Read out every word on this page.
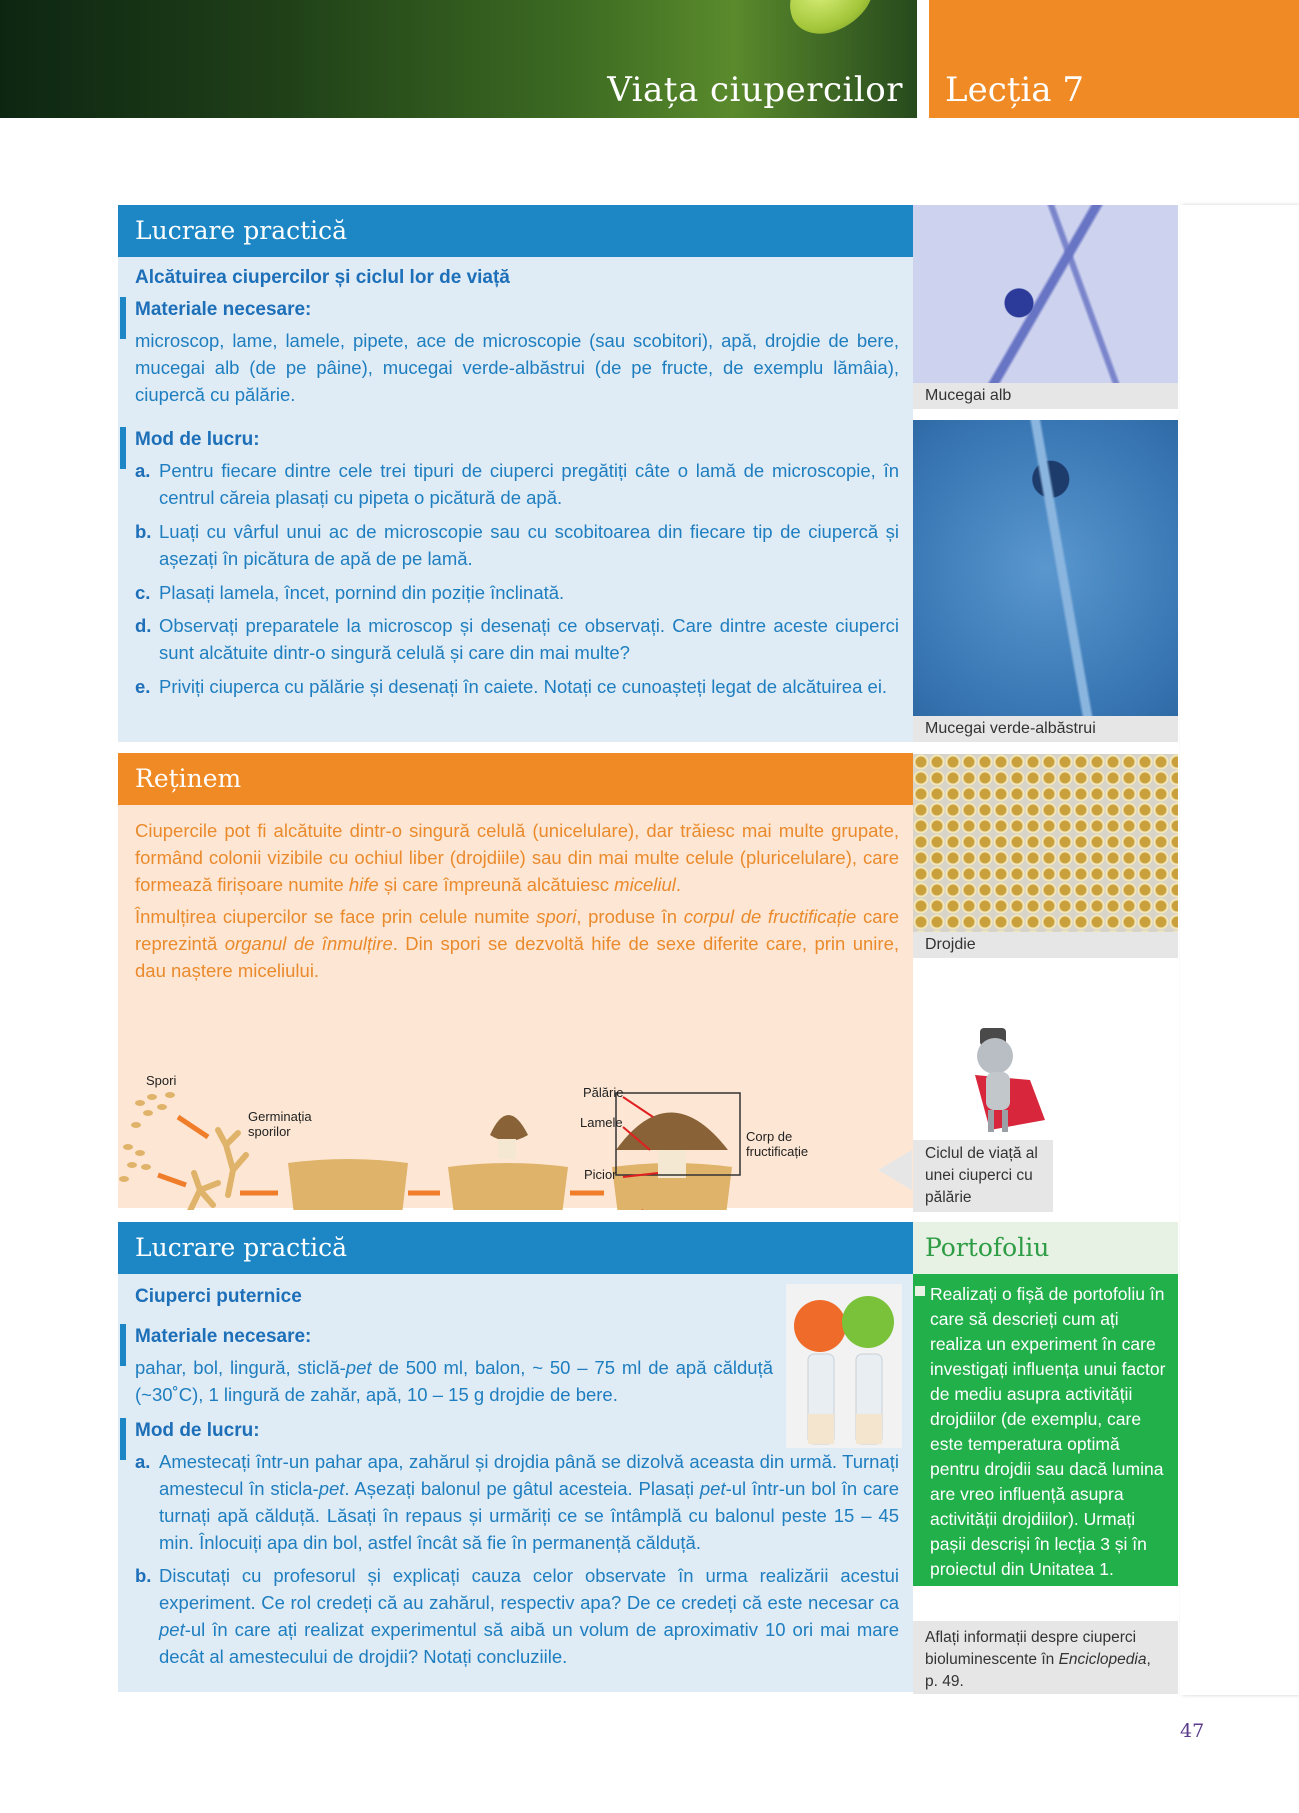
Viața ciupercilor Lecția 7
Lucrare practică
Alcătuirea ciupercilor și ciclul lor de viață
Materiale necesare:
microscop, lame, lamele, pipete, ace de microscopie (sau scobitori), apă, drojdie de bere, mucegai alb (de pe pâine), mucegai verde-albăstrui (de pe fructe, de exemplu lămâia), ciupercă cu pălărie.
Mod de lucru:
a. Pentru fiecare dintre cele trei tipuri de ciuperci pregătiți câte o lamă de microscopie, în centrul căreia plasați cu pipeta o picătură de apă.
b. Luați cu vârful unui ac de microscopie sau cu scobitoarea din fiecare tip de ciupercă și așezați în picătura de apă de pe lamă.
c. Plasați lamela, încet, pornind din poziție înclinată.
d. Observați preparatele la microscop și desenați ce observați. Care dintre aceste ciuperci sunt alcătuite dintr-o singură celulă și care din mai multe?
e. Priviți ciuperca cu pălărie și desenați în caiete. Notați ce cunoașteți legat de alcătuirea ei.
Mucegai alb
Mucegai verde-albăstrui
Drojdie
Reținem
Ciupercile pot fi alcătuite dintr-o singură celulă (unicelulare), dar trăiesc mai multe grupate, formând colonii vizibile cu ochiul liber (drojdiile) sau din mai multe celule (pluricelulare), care formează firișoare numite hife și care împreună alcătuiesc miceliul.
Înmulțirea ciupercilor se face prin celule numite spori, produse în corpul de fructificație care reprezintă organul de înmulțire. Din spori se dezvoltă hife de sexe diferite care, prin unire, dau naștere miceliului.
Spori
Germinația
sporilor
Pălărie
Lamele
Picior
Corp de
fructificație	Ciclul de viață al unei ciuperci cu pălărie
Lucrare practică
Ciuperci puternice
Materiale necesare:
pahar, bol, lingură, sticlă-pet de 500 ml, balon, ~ 50 – 75 ml de apă călduță (~30˚C), 1 lingură de zahăr, apă, 10 – 15 g drojdie de bere.
Mod de lucru:
a. Amestecați într-un pahar apa, zahărul și drojdia până se dizolvă aceasta din urmă. Turnați amestecul în sticla-pet. Așezați balonul pe gâtul acesteia. Plasați pet-ul într-un bol în care turnați apă călduță. Lăsați în repaus și urmăriți ce se întâmplă cu balonul peste 15 – 45 min. Înlocuiți apa din bol, astfel încât să fie în permanență călduță.
b. Discutați cu profesorul și explicați cauza celor observate în urma realizării acestui experiment. Ce rol credeți că au zahărul, respectiv apa? De ce credeți că este necesar ca pet-ul în care ați realizat experimentul să aibă un volum de aproximativ 10 ori mai mare decât al amestecului de drojdii? Notați concluziile.
Portofoliu
Realizați o fișă de portofoliu în care să descrieți cum ați realiza un experiment în care investigați influența unui factor de mediu asupra activității drojdiilor (de exemplu, care este temperatura optimă pentru drojdii sau dacă lumina are vreo influență asupra activității drojdiilor). Urmați pașii descriși în lecția 3 și în proiectul din Unitatea 1.
Aflați informații despre ciuperci bioluminescente în Enciclopedia, p. 49.
47
